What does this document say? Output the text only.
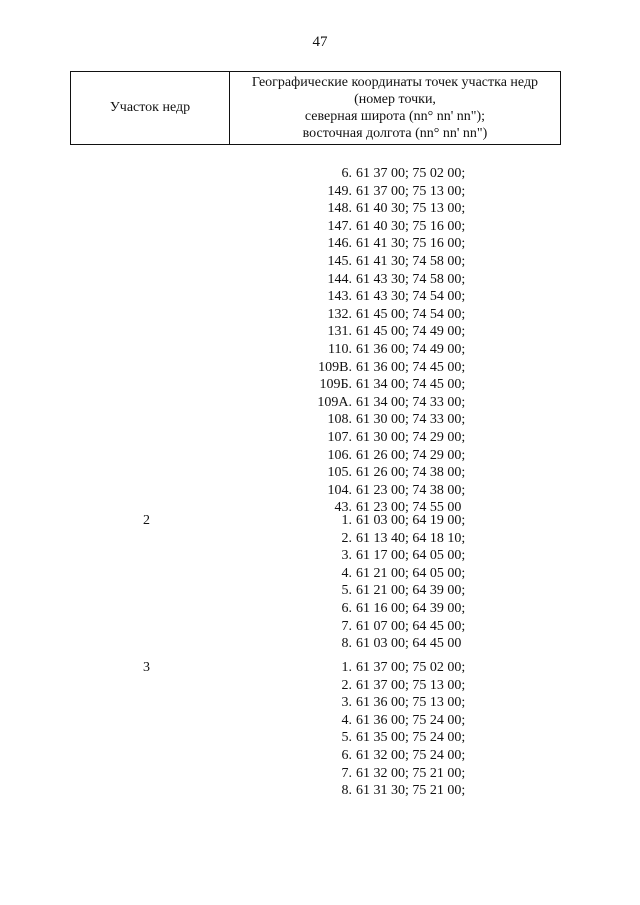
47
Участок недр
Географические координаты точек участка недр
(номер точки,
северная широта (nn° nn' nn");
восточная долгота (nn° nn' nn")
6. 61 37 00; 75 02 00;
149. 61 37 00; 75 13 00;
148. 61 40 30; 75 13 00;
147. 61 40 30; 75 16 00;
146. 61 41 30; 75 16 00;
145. 61 41 30; 74 58 00;
144. 61 43 30; 74 58 00;
143. 61 43 30; 74 54 00;
132. 61 45 00; 74 54 00;
131. 61 45 00; 74 49 00;
110. 61 36 00; 74 49 00;
109В. 61 36 00; 74 45 00;
109Б. 61 34 00; 74 45 00;
109А. 61 34 00; 74 33 00;
108. 61 30 00; 74 33 00;
107. 61 30 00; 74 29 00;
106. 61 26 00; 74 29 00;
105. 61 26 00; 74 38 00;
104. 61 23 00; 74 38 00;
43. 61 23 00; 74 55 00
2	1. 61 03 00; 64 19 00;
2. 61 13 40; 64 18 10;
3. 61 17 00; 64 05 00;
4. 61 21 00; 64 05 00;
5. 61 21 00; 64 39 00;
6. 61 16 00; 64 39 00;
7. 61 07 00; 64 45 00;
8. 61 03 00; 64 45 00
3	1. 61 37 00; 75 02 00;
2. 61 37 00; 75 13 00;
3. 61 36 00; 75 13 00;
4. 61 36 00; 75 24 00;
5. 61 35 00; 75 24 00;
6. 61 32 00; 75 24 00;
7. 61 32 00; 75 21 00;
8. 61 31 30; 75 21 00;
